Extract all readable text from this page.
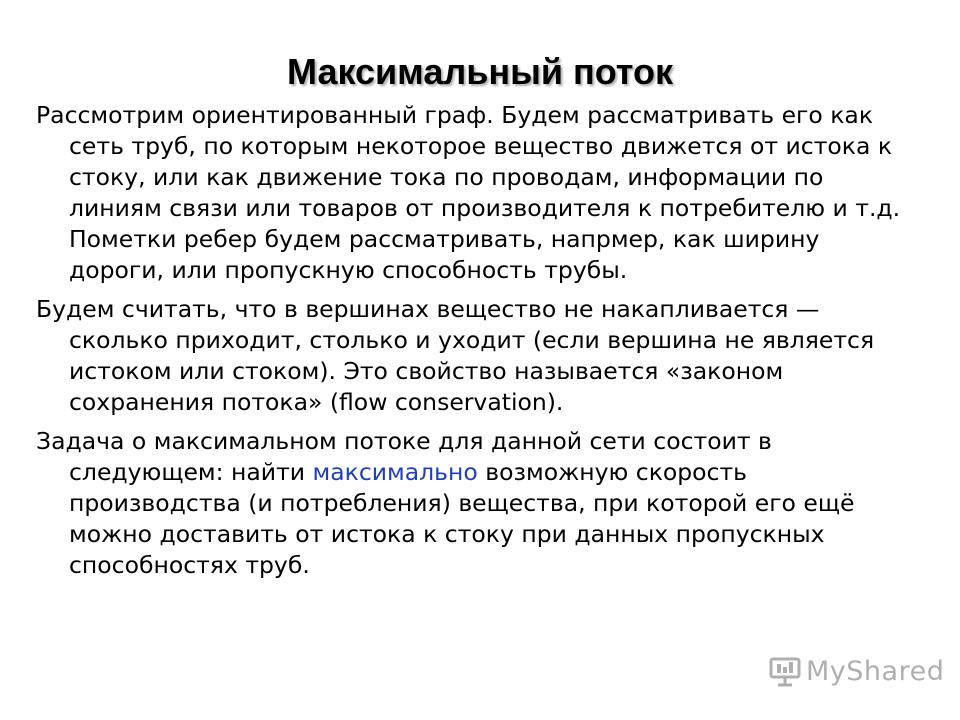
Максимальный поток

Рассмотрим ориентированный граф. Будем рассматривать его как сеть труб, по которым некоторое вещество движется от истока к стоку, или как движение тока по проводам, информации по линиям связи или товаров от производителя к потребителю и т.д. Пометки ребер будем рассматривать, напрмер, как ширину дороги, или пропускную способность трубы.

Будем считать, что в вершинах вещество не накапливается — сколько приходит, столько и уходит (если вершина не является истоком или стоком). Это свойство называется «законом сохранения потока» (flow conservation).

Задача о максимальном потоке для данной сети состоит в следующем: найти максимально возможную скорость производства (и потребления) вещества, при которой его ещё можно доставить от истока к стоку при данных пропускных способностях труб.

MyShared
